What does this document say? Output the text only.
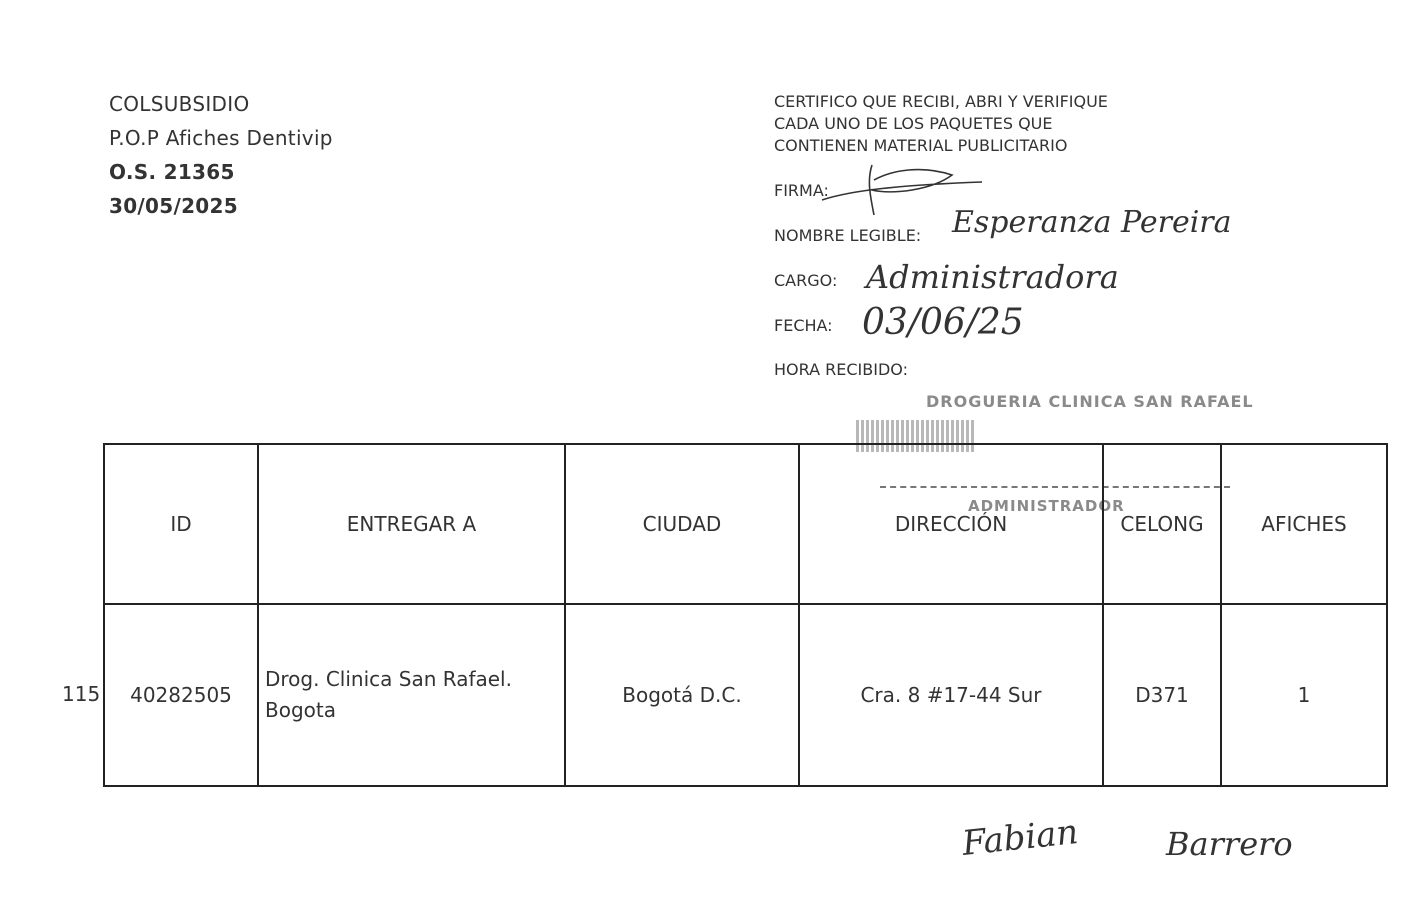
COLSUBSIDIO
P.O.P Afiches Dentivip
O.S. 21365
30/05/2025
CERTIFICO QUE RECIBI, ABRI Y VERIFIQUE
CADA UNO DE LOS PAQUETES QUE
CONTIENEN MATERIAL PUBLICITARIO
FIRMA:
NOMBRE LEGIBLE: Esperanza Pereira
CARGO: Administradora
FECHA: 03/06/25
HORA RECIBIDO:
DROGUERIA CLINICA SAN RAFAEL
ADMINISTRADOR
115
ID	ENTREGAR A	CIUDAD	DIRECCIÓN	CELONG	AFICHES
40282505	Drog. Clinica San Rafael. Bogota	Bogotá D.C.	Cra. 8 #17-44 Sur	D371	1
Fabian	Barrero
